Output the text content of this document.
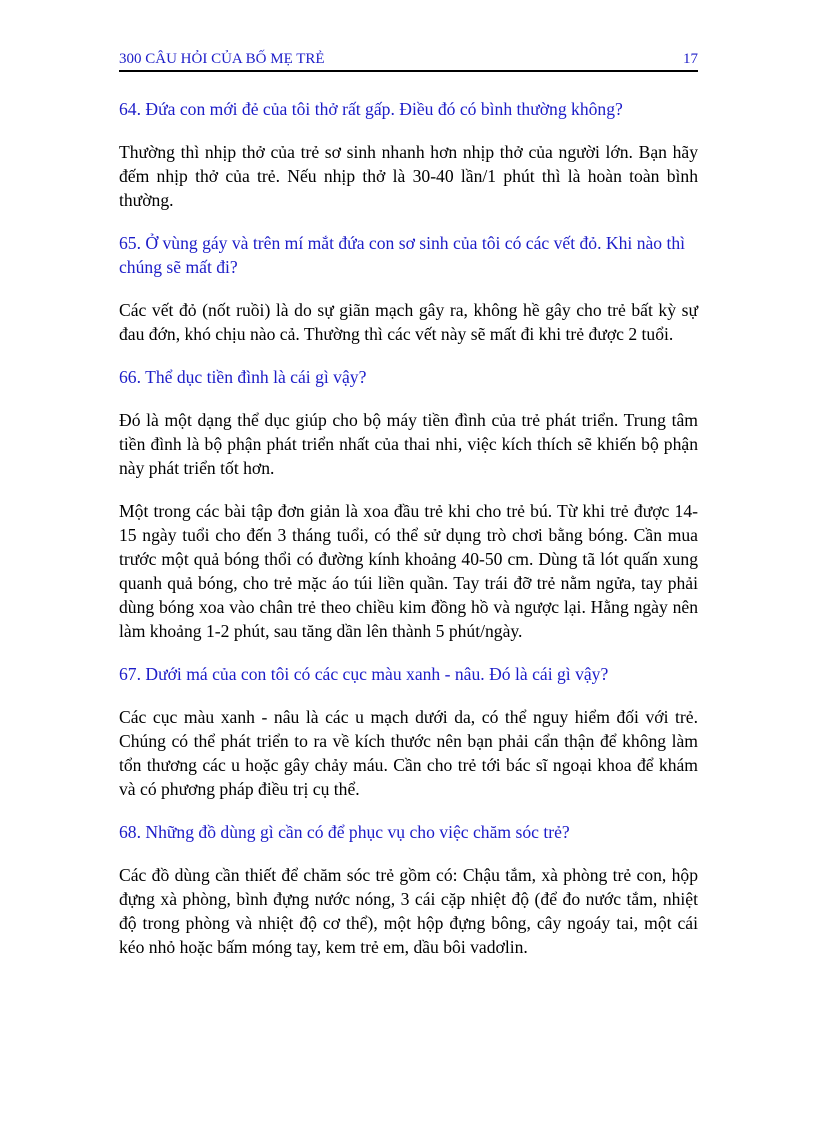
300 CÂU HỎI CỦA BỐ MẸ TRẺ	17

64. Đứa con mới đẻ của tôi thở rất gấp. Điều đó có bình thường không?

Thường thì nhịp thở của trẻ sơ sinh nhanh hơn nhịp thở của người lớn. Bạn hãy đếm nhịp thở của trẻ. Nếu nhịp thở là 30-40 lần/1 phút thì là hoàn toàn bình thường.

65. Ở vùng gáy và trên mí mắt đứa con sơ sinh của tôi có các vết đỏ. Khi nào thì chúng sẽ mất đi?

Các vết đỏ (nốt ruồi) là do sự giãn mạch gây ra, không hề gây cho trẻ bất kỳ sự đau đớn, khó chịu nào cả. Thường thì các vết này sẽ mất đi khi trẻ được 2 tuổi.

66. Thể dục tiền đình là cái gì vậy?

Đó là một dạng thể dục giúp cho bộ máy tiền đình của trẻ phát triển. Trung tâm tiền đình là bộ phận phát triển nhất của thai nhi, việc kích thích sẽ khiến bộ phận này phát triển tốt hơn.

Một trong các bài tập đơn giản là xoa đầu trẻ khi cho trẻ bú. Từ khi trẻ được 14-15 ngày tuổi cho đến 3 tháng tuổi, có thể sử dụng trò chơi bằng bóng. Cần mua trước một quả bóng thổi có đường kính khoảng 40-50 cm. Dùng tã lót quấn xung quanh quả bóng, cho trẻ mặc áo túi liền quần. Tay trái đỡ trẻ nằm ngửa, tay phải dùng bóng xoa vào chân trẻ theo chiều kim đồng hồ và ngược lại. Hằng ngày nên làm khoảng 1-2 phút, sau tăng dần lên thành 5 phút/ngày.

67. Dưới má của con tôi có các cục màu xanh - nâu. Đó là cái gì vậy?

Các cục màu xanh - nâu là các u mạch dưới da, có thể nguy hiểm đối với trẻ. Chúng có thể phát triển to ra về kích thước nên bạn phải cẩn thận để không làm tổn thương các u hoặc gây chảy máu. Cần cho trẻ tới bác sĩ ngoại khoa để khám và có phương pháp điều trị cụ thể.

68. Những đồ dùng gì cần có để phục vụ cho việc chăm sóc trẻ?

Các đồ dùng cần thiết để chăm sóc trẻ gồm có: Chậu tắm, xà phòng trẻ con, hộp đựng xà phòng, bình đựng nước nóng, 3 cái cặp nhiệt độ (để đo nước tắm, nhiệt độ trong phòng và nhiệt độ cơ thể), một hộp đựng bông, cây ngoáy tai, một cái kéo nhỏ hoặc bấm móng tay, kem trẻ em, dầu bôi vadơlin.
